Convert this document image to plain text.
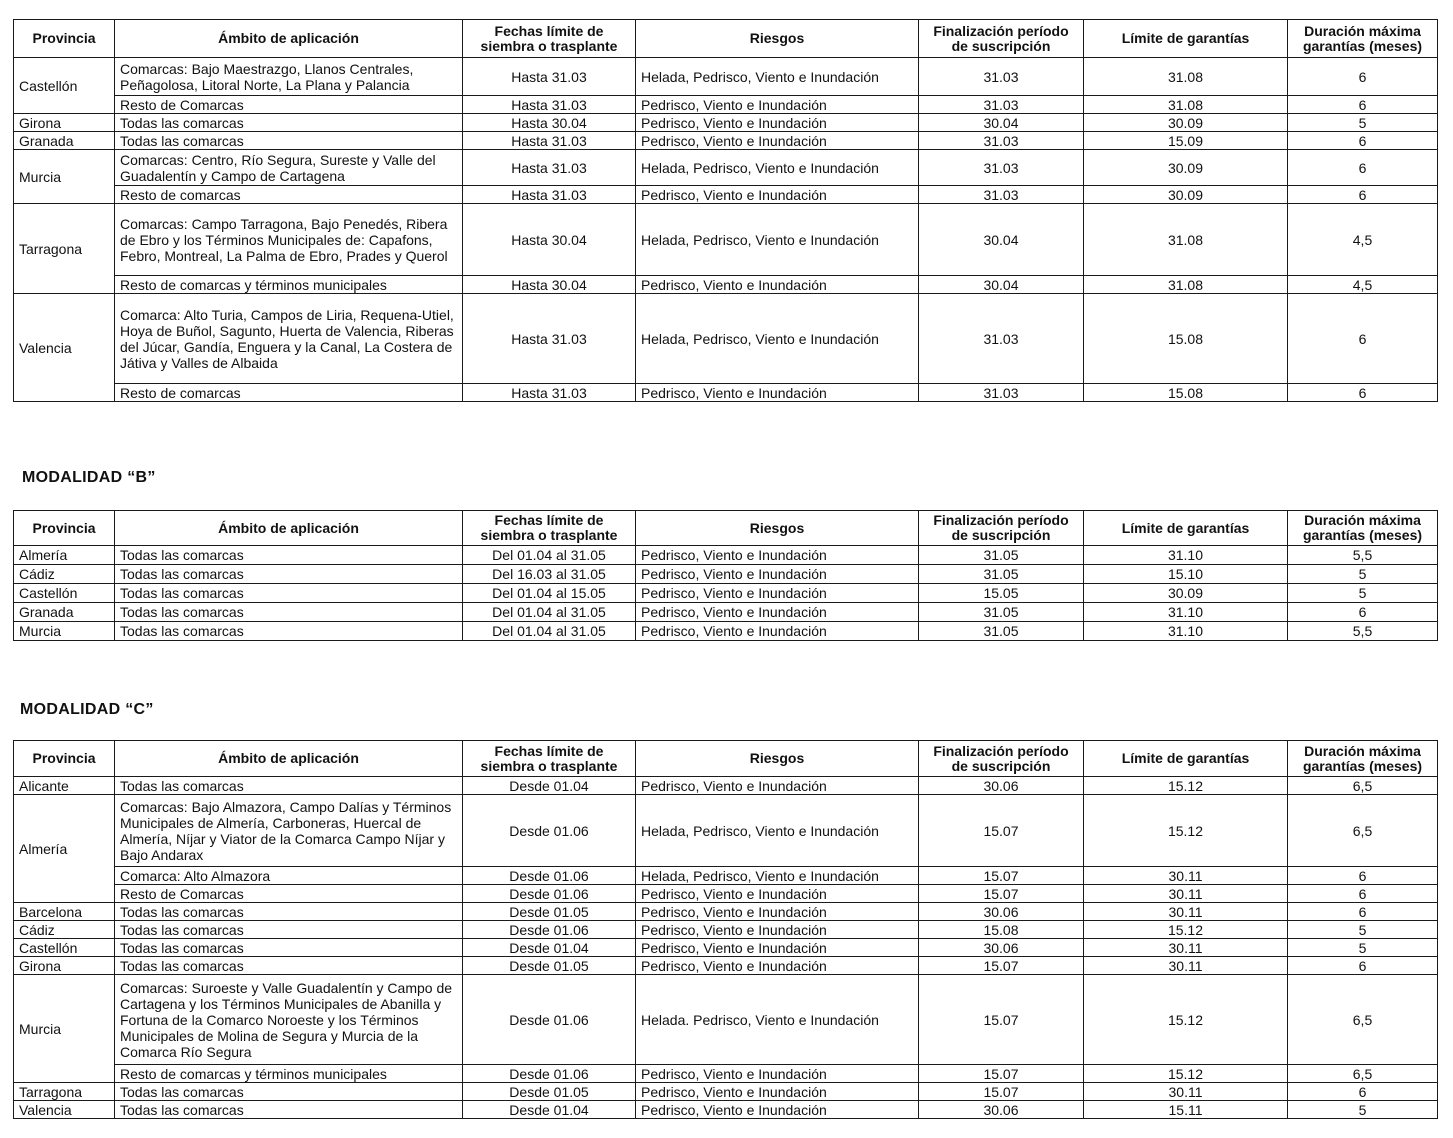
Provincia	Ámbito de aplicación	Fechas límite de siembra o trasplante	Riesgos	Finalización período de suscripción	Límite de garantías	Duración máxima garantías (meses)
Castellón	Comarcas: Bajo Maestrazgo, Llanos Centrales, Peñagolosa, Litoral Norte, La Plana y Palancia	Hasta 31.03	Helada, Pedrisco, Viento e Inundación	31.03	31.08	6
	Resto de Comarcas	Hasta 31.03	Pedrisco, Viento e Inundación	31.03	31.08	6
Girona	Todas las comarcas	Hasta 30.04	Pedrisco, Viento e Inundación	30.04	30.09	5
Granada	Todas las comarcas	Hasta 31.03	Pedrisco, Viento e Inundación	31.03	15.09	6
Murcia	Comarcas: Centro, Río Segura, Sureste y Valle del Guadalentín y Campo de Cartagena	Hasta 31.03	Helada, Pedrisco, Viento e Inundación	31.03	30.09	6
	Resto de comarcas	Hasta 31.03	Pedrisco, Viento e Inundación	31.03	30.09	6
Tarragona	Comarcas: Campo Tarragona, Bajo Penedés, Ribera de Ebro y los Términos Municipales de: Capafons, Febro, Montreal, La Palma de Ebro, Prades y Querol	Hasta 30.04	Helada, Pedrisco, Viento e Inundación	30.04	31.08	4,5
	Resto de comarcas y términos municipales	Hasta 30.04	Pedrisco, Viento e Inundación	30.04	31.08	4,5
Valencia	Comarca: Alto Turia, Campos de Liria, Requena-Utiel, Hoya de Buñol, Sagunto, Huerta de Valencia, Riberas del Júcar, Gandía, Enguera y la Canal, La Costera de Játiva y Valles de Albaida	Hasta 31.03	Helada, Pedrisco, Viento e Inundación	31.03	15.08	6
	Resto de comarcas	Hasta 31.03	Pedrisco, Viento e Inundación	31.03	15.08	6
MODALIDAD “B”
Provincia	Ámbito de aplicación	Fechas límite de siembra o trasplante	Riesgos	Finalización período de suscripción	Límite de garantías	Duración máxima garantías (meses)
Almería	Todas las comarcas	Del 01.04 al 31.05	Pedrisco, Viento e Inundación	31.05	31.10	5,5
Cádiz	Todas las comarcas	Del 16.03 al 31.05	Pedrisco, Viento e Inundación	31.05	15.10	5
Castellón	Todas las comarcas	Del 01.04 al 15.05	Pedrisco, Viento e Inundación	15.05	30.09	5
Granada	Todas las comarcas	Del 01.04 al 31.05	Pedrisco, Viento e Inundación	31.05	31.10	6
Murcia	Todas las comarcas	Del 01.04 al 31.05	Pedrisco, Viento e Inundación	31.05	31.10	5,5
MODALIDAD “C”
Provincia	Ámbito de aplicación	Fechas límite de siembra o trasplante	Riesgos	Finalización período de suscripción	Límite de garantías	Duración máxima garantías (meses)
Alicante	Todas las comarcas	Desde 01.04	Pedrisco, Viento e Inundación	30.06	15.12	6,5
Almería	Comarcas: Bajo Almazora, Campo Dalías y Términos Municipales de Almería, Carboneras, Huercal de Almería, Níjar y Viator de la Comarca Campo Níjar y Bajo Andarax	Desde 01.06	Helada, Pedrisco, Viento e Inundación	15.07	15.12	6,5
	Comarca: Alto Almazora	Desde 01.06	Helada, Pedrisco, Viento e Inundación	15.07	30.11	6
	Resto de Comarcas	Desde 01.06	Pedrisco, Viento e Inundación	15.07	30.11	6
Barcelona	Todas las comarcas	Desde 01.05	Pedrisco, Viento e Inundación	30.06	30.11	6
Cádiz	Todas las comarcas	Desde 01.06	Pedrisco, Viento e Inundación	15.08	15.12	5
Castellón	Todas las comarcas	Desde 01.04	Pedrisco, Viento e Inundación	30.06	30.11	5
Girona	Todas las comarcas	Desde 01.05	Pedrisco, Viento e Inundación	15.07	30.11	6
Murcia	Comarcas: Suroeste y Valle Guadalentín y Campo de Cartagena y los Términos Municipales de Abanilla y Fortuna de la Comarco Noroeste y los Términos Municipales de Molina de Segura y Murcia de la Comarca Río Segura	Desde 01.06	Helada. Pedrisco, Viento e Inundación	15.07	15.12	6,5
	Resto de comarcas y términos municipales	Desde 01.06	Pedrisco, Viento e Inundación	15.07	15.12	6,5
Tarragona	Todas las comarcas	Desde 01.05	Pedrisco, Viento e Inundación	15.07	30.11	6
Valencia	Todas las comarcas	Desde 01.04	Pedrisco, Viento e Inundación	30.06	15.11	5
